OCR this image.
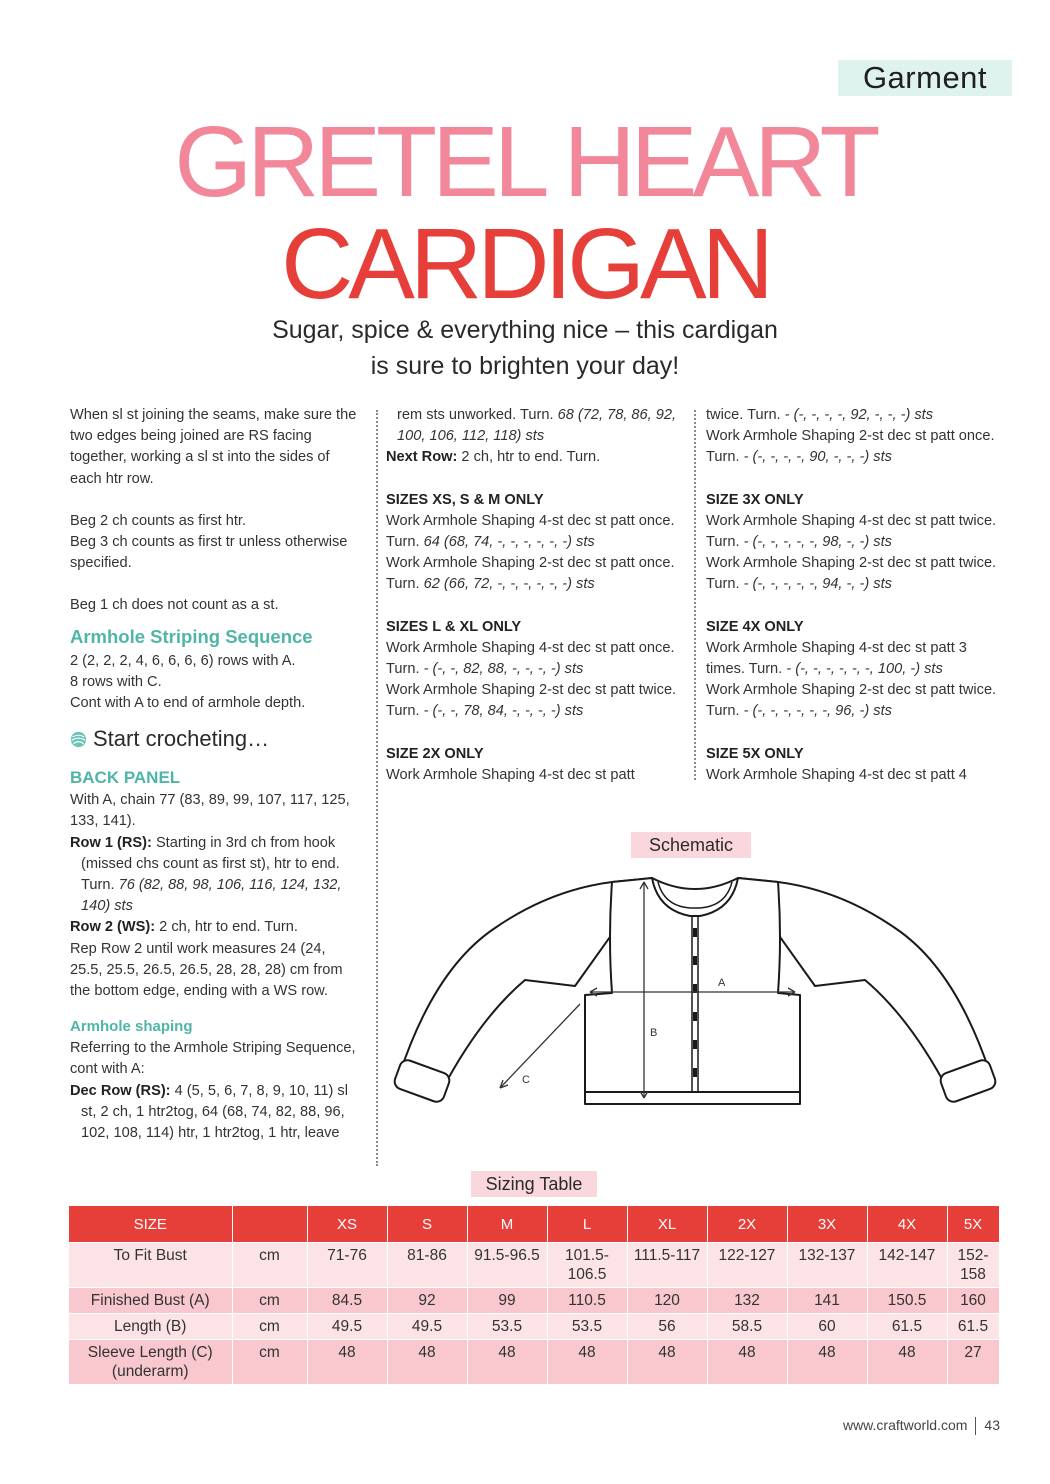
Garment
GRETEL HEART
CARDIGAN
Sugar, spice & everything nice – this cardigan
is sure to brighten your day!

When sl st joining the seams, make sure the two edges being joined are RS facing together, working a sl st into the sides of each htr row.

Beg 2 ch counts as first htr.

Beg 3 ch counts as first tr unless otherwise specified.

Beg 1 ch does not count as a st.

Armhole Striping Sequence

2 (2, 2, 2, 4, 6, 6, 6, 6) rows with A.

8 rows with C.

Cont with A to end of armhole depth.

Start crocheting…

BACK PANEL

With A, chain 77 (83, 89, 99, 107, 117, 125, 133, 141).

Row 1 (RS): Starting in 3rd ch from hook (missed chs count as first st), htr to end. Turn. 76 (82, 88, 98, 106, 116, 124, 132, 140) sts

Row 2 (WS): 2 ch, htr to end. Turn.

Rep Row 2 until work measures 24 (24, 25.5, 25.5, 26.5, 26.5, 28, 28, 28) cm from the bottom edge, ending with a WS row.

Armhole shaping

Referring to the Armhole Striping Sequence, cont with A:

Dec Row (RS): 4 (5, 5, 6, 7, 8, 9, 10, 11) sl st, 2 ch, 1 htr2tog, 64 (68, 74, 82, 88, 96, 102, 108, 114) htr, 1 htr2tog, 1 htr, leave

rem sts unworked. Turn. 68 (72, 78, 86, 92, 100, 106, 112, 118) sts

Next Row: 2 ch, htr to end. Turn.

SIZES XS, S & M ONLY

Work Armhole Shaping 4-st dec st patt once. Turn. 64 (68, 74, -, -, -, -, -, -) sts

Work Armhole Shaping 2-st dec st patt once. Turn. 62 (66, 72, -, -, -, -, -, -) sts

SIZES L & XL ONLY

Work Armhole Shaping 4-st dec st patt once. Turn. - (-, -, 82, 88, -, -, -, -) sts

Work Armhole Shaping 2-st dec st patt twice. Turn. - (-, -, 78, 84, -, -, -, -) sts

SIZE 2X ONLY

Work Armhole Shaping 4-st dec st patt

twice. Turn. - (-, -, -, -, 92, -, -, -) sts

Work Armhole Shaping 2-st dec st patt once. Turn. - (-, -, -, -, 90, -, -, -) sts

SIZE 3X ONLY

Work Armhole Shaping 4-st dec st patt twice. Turn. - (-, -, -, -, -, 98, -, -) sts

Work Armhole Shaping 2-st dec st patt twice. Turn. - (-, -, -, -, -, 94, -, -) sts

SIZE 4X ONLY

Work Armhole Shaping 4-st dec st patt 3 times. Turn. - (-, -, -, -, -, -, 100, -) sts

Work Armhole Shaping 2-st dec st patt twice. Turn. - (-, -, -, -, -, -, 96, -) sts

SIZE 5X ONLY

Work Armhole Shaping 4-st dec st patt 4

Schematic
A
B
C
Sizing Table
SIZE		XS	S	M	L	XL	2X	3X	4X	5X
To Fit Bust	cm	71-76	81-86	91.5-96.5	101.5-106.5	111.5-117	122-127	132-137	142-147	152-158
Finished Bust (A)	cm	84.5	92	99	110.5	120	132	141	150.5	160
Length (B)	cm	49.5	49.5	53.5	53.5	56	58.5	60	61.5	61.5
Sleeve Length (C) (underarm)	cm	48	48	48	48	48	48	48	48	27
www.craftworld.com 43
